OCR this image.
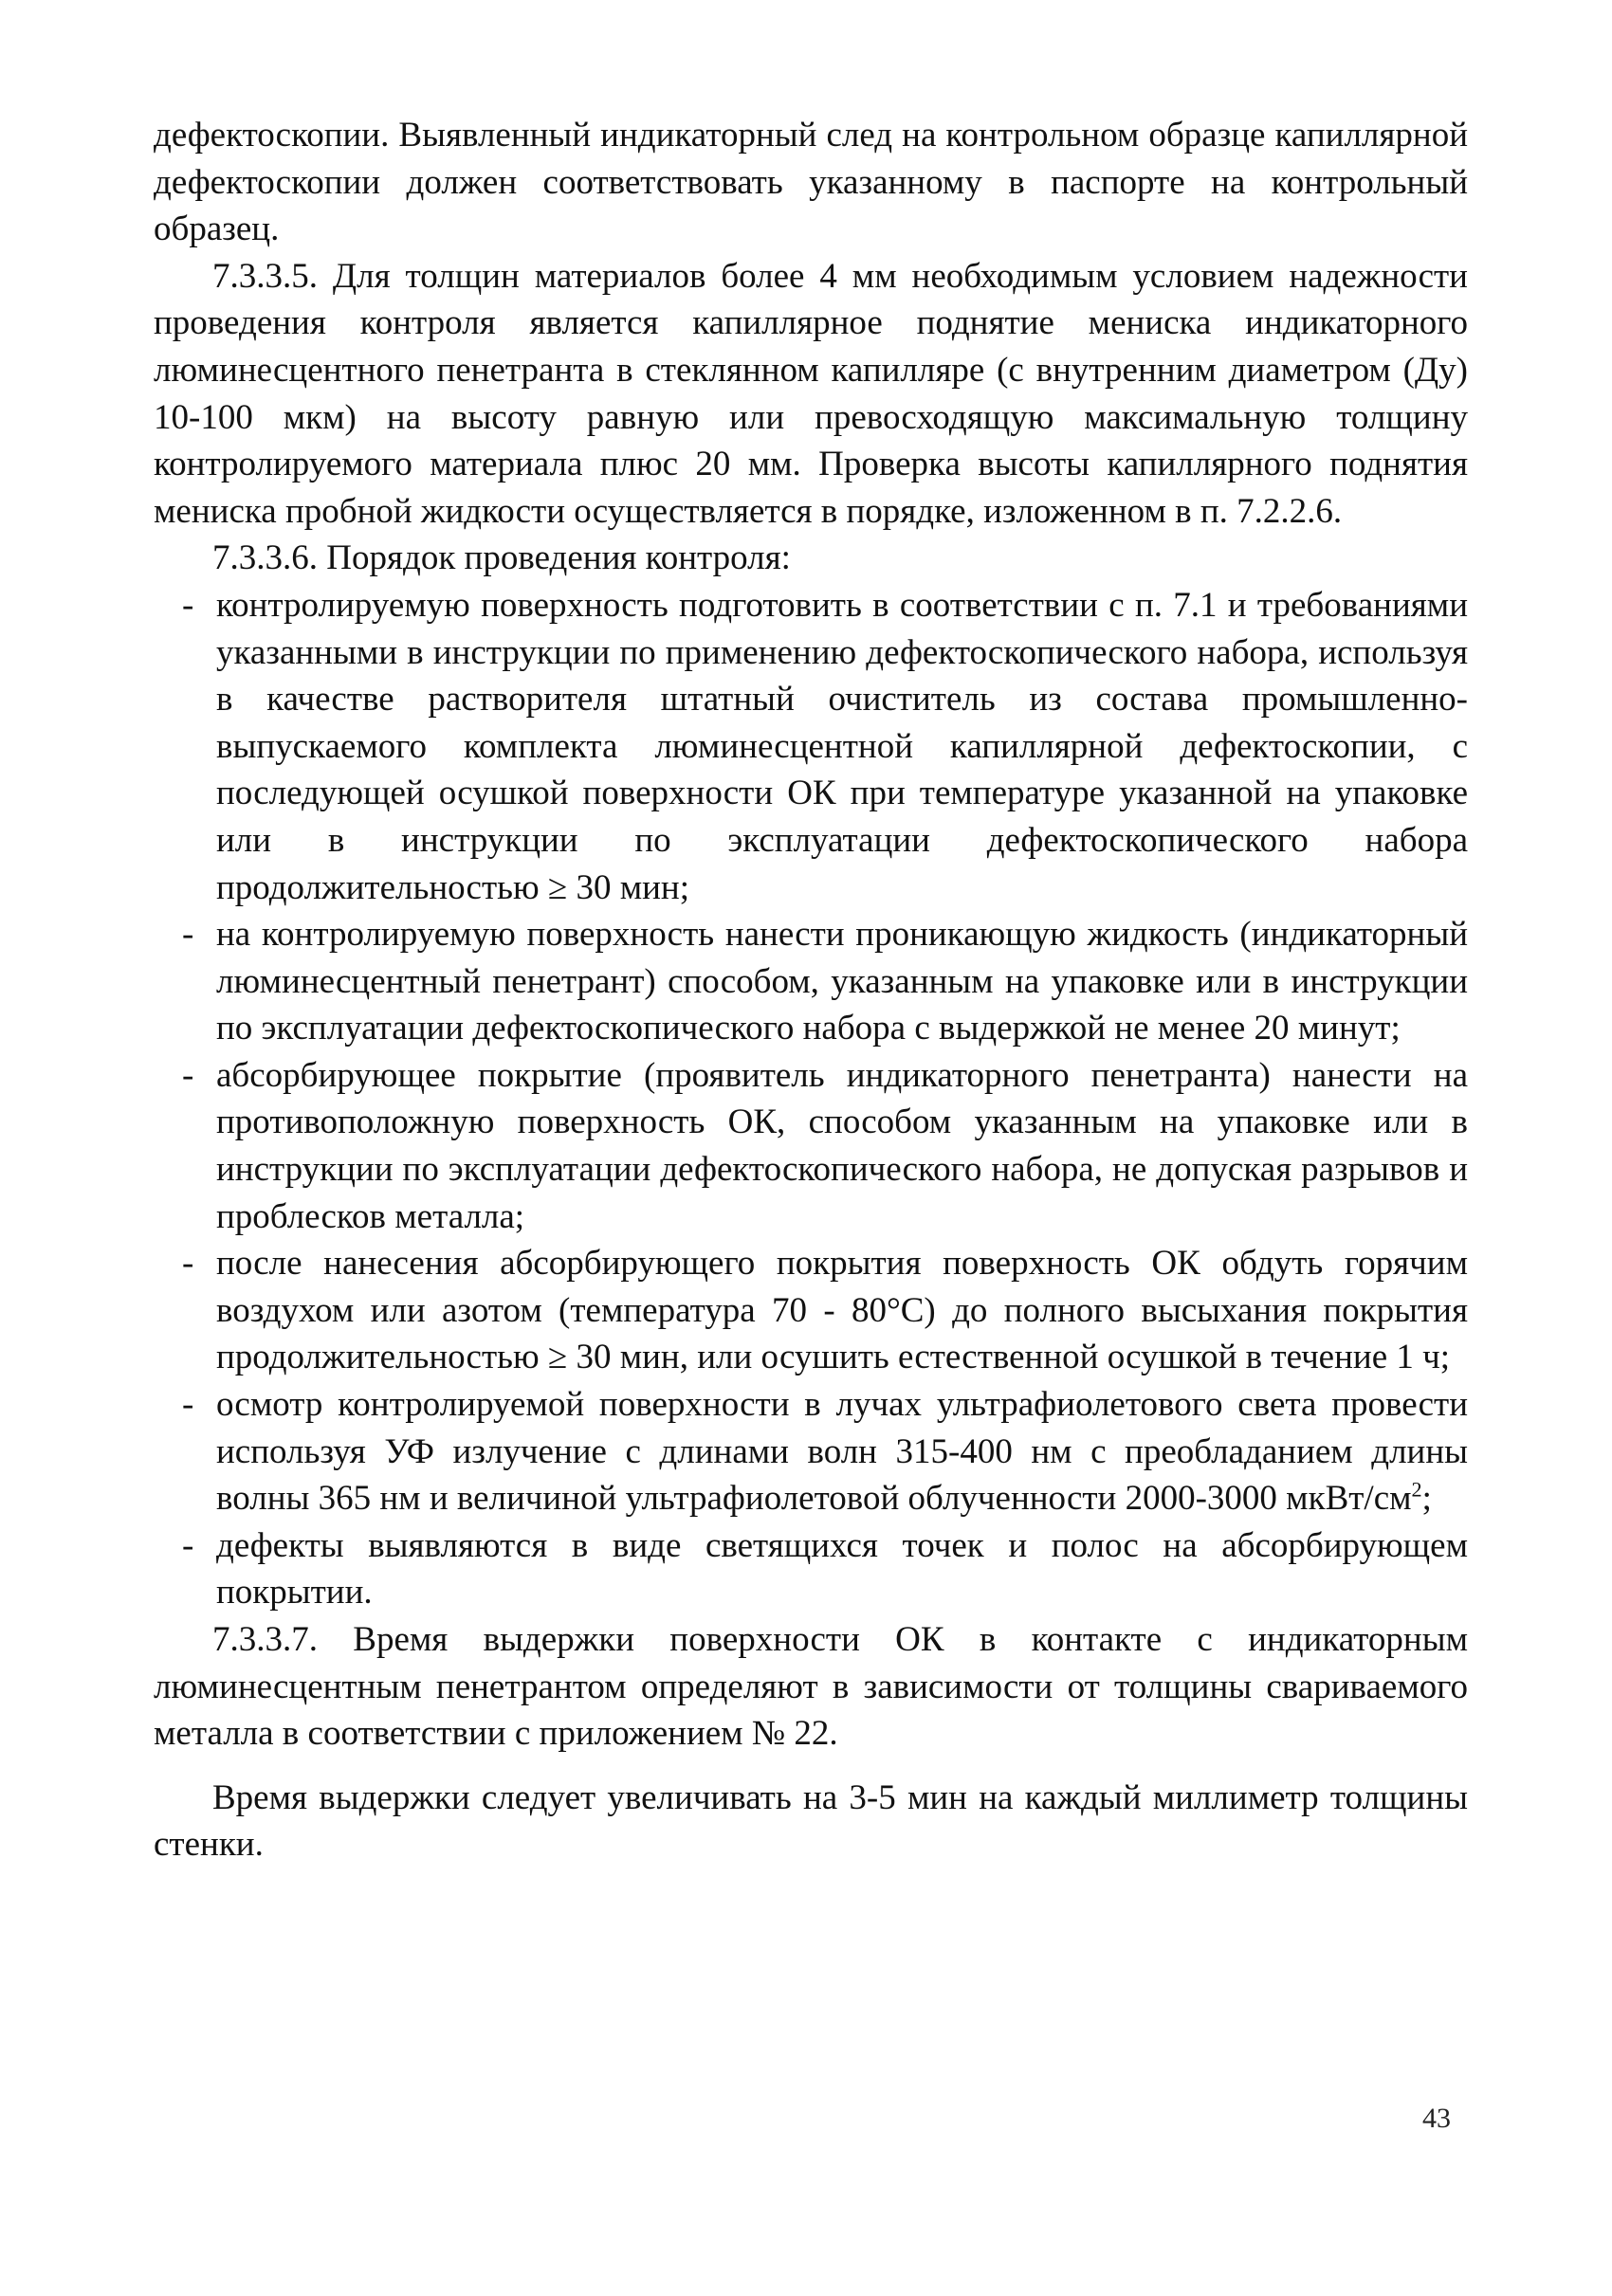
дефектоскопии. Выявленный индикаторный след на контрольном образце капиллярной дефектоскопии должен соответствовать указанному в паспорте на контрольный образец.

7.3.3.5. Для толщин материалов более 4 мм необходимым условием надежности проведения контроля является капиллярное поднятие мениска индикаторного люминесцентного пенетранта в стеклянном капилляре (с внутренним диаметром (Ду) 10-100 мкм) на высоту равную или превосходящую максимальную толщину контролируемого материала плюс 20 мм. Проверка высоты капиллярного поднятия мениска пробной жидкости осуществляется в порядке, изложенном в п. 7.2.2.6.

7.3.3.6. Порядок проведения контроля:

- контролируемую поверхность подготовить в соответствии с п. 7.1 и требованиями указанными в инструкции по применению дефектоскопического набора, используя в качестве растворителя штатный очиститель из состава промышленно-выпускаемого комплекта люминесцентной капиллярной дефектоскопии, с последующей осушкой поверхности ОК при температуре указанной на упаковке или в инструкции по эксплуатации дефектоскопического набора продолжительностью ≥ 30 мин;
- на контролируемую поверхность нанести проникающую жидкость (индикаторный люминесцентный пенетрант) способом, указанным на упаковке или в инструкции по эксплуатации дефектоскопического набора с выдержкой не менее 20 минут;
- абсорбирующее покрытие (проявитель индикаторного пенетранта) нанести на противоположную поверхность ОК, способом указанным на упаковке или в инструкции по эксплуатации дефектоскопического набора, не допуская разрывов и проблесков металла;
- после нанесения абсорбирующего покрытия поверхность ОК обдуть горячим воздухом или азотом (температура 70 - 80°С) до полного высыхания покрытия продолжительностью ≥ 30 мин, или осушить естественной осушкой в течение 1 ч;
- осмотр контролируемой поверхности в лучах ультрафиолетового света провести используя УФ излучение с длинами волн 315-400 нм с преобладанием длины волны 365 нм и величиной ультрафиолетовой облученности 2000-3000 мкВт/$см^2$;
- дефекты выявляются в виде светящихся точек и полос на абсорбирующем покрытии.

7.3.3.7. Время выдержки поверхности ОК в контакте с индикаторным люминесцентным пенетрантом определяют в зависимости от толщины свариваемого металла в соответствии с приложением № 22.

Время выдержки следует увеличивать на 3-5 мин на каждый миллиметр толщины стенки.

43
